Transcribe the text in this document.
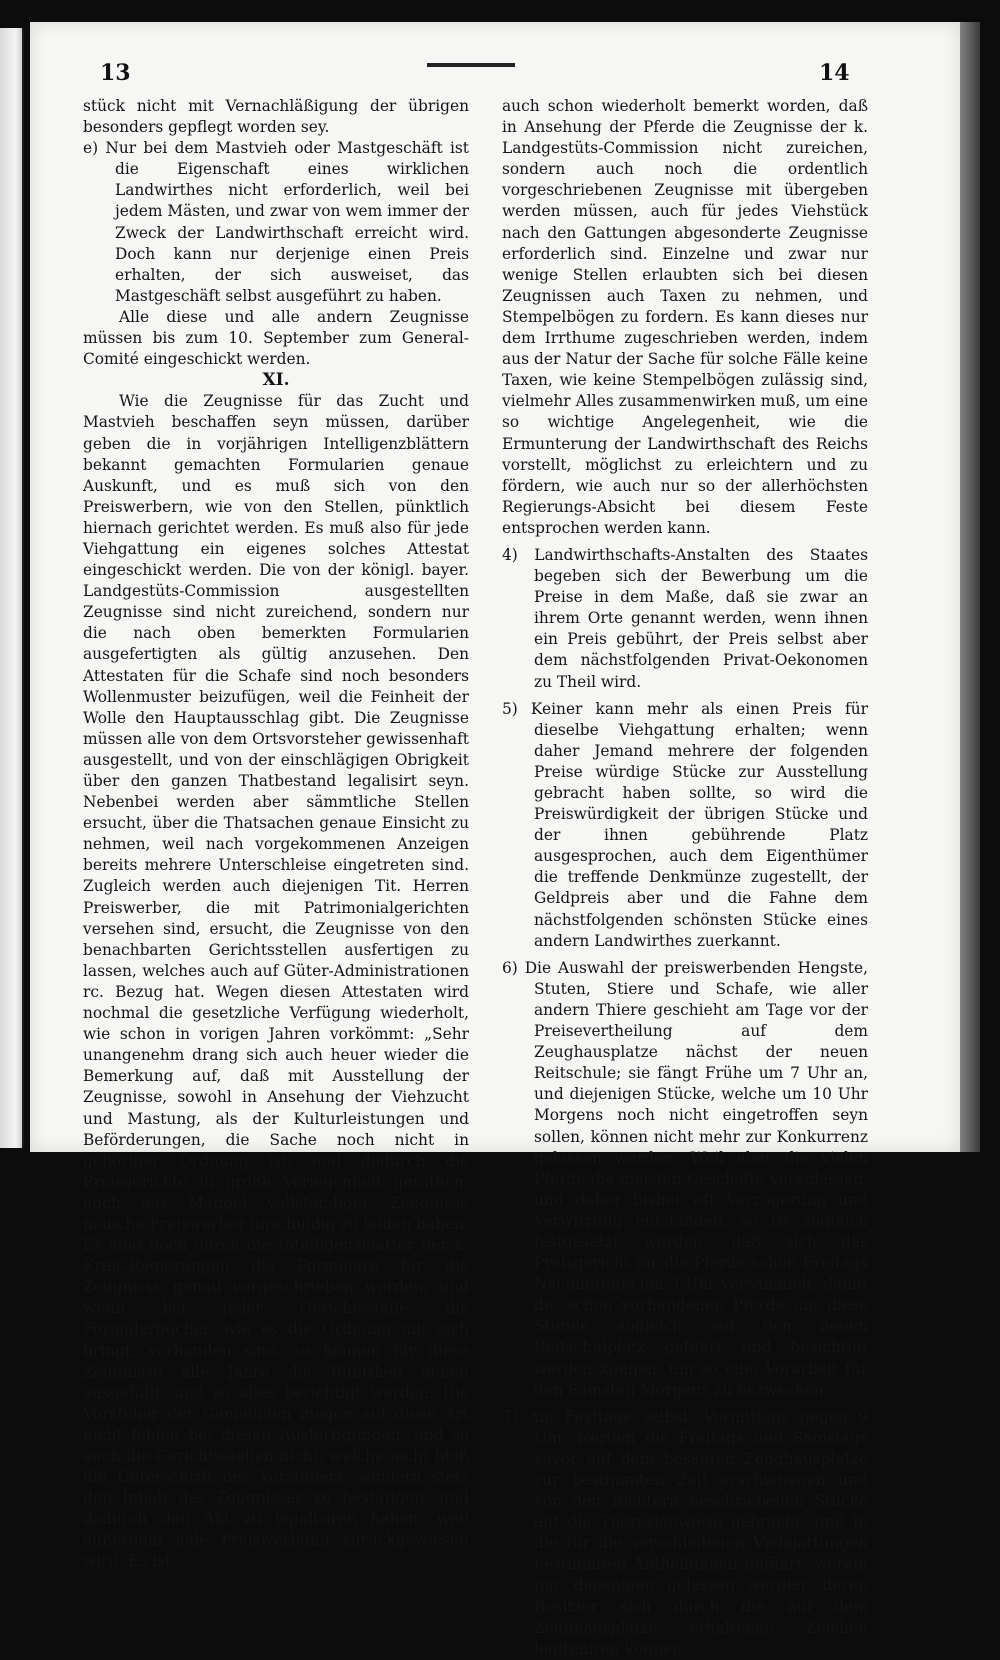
13	14

stück nicht mit Vernachläßigung der übrigen besonders gepflegt worden sey.

e) Nur bei dem Mastvieh oder Mastgeschäft ist die Eigenschaft eines wirklichen Landwirthes nicht erforderlich, weil bei jedem Mästen, und zwar von wem immer der Zweck der Landwirthschaft erreicht wird. Doch kann nur derjenige einen Preis erhalten, der sich ausweiset, das Mastgeschäft selbst ausgeführt zu haben.

Alle diese und alle andern Zeugnisse müssen bis zum 10. September zum General-Comité eingeschickt werden.

XI.

Wie die Zeugnisse für das Zucht und Mastvieh beschaffen seyn müssen, darüber geben die in vorjährigen Intelligenzblättern bekannt gemachten Formularien genaue Auskunft, und es muß sich von den Preiswerbern, wie von den Stellen, pünktlich hiernach gerichtet werden. Es muß also für jede Viehgattung ein eigenes solches Attestat eingeschickt werden. Die von der königl. bayer. Landgestüts-Commission ausgestellten Zeugnisse sind nicht zureichend, sondern nur die nach oben bemerkten Formularien ausgefertigten als gültig anzusehen. Den Attestaten für die Schafe sind noch besonders Wollenmuster beizufügen, weil die Feinheit der Wolle den Hauptausschlag gibt. Die Zeugnisse müssen alle von dem Ortsvorsteher gewissenhaft ausgestellt, und von der einschlägigen Obrigkeit über den ganzen Thatbestand legalisirt seyn. Nebenbei werden aber sämmtliche Stellen ersucht, über die Thatsachen genaue Einsicht zu nehmen, weil nach vorgekommenen Anzeigen bereits mehrere Unterschleise eingetreten sind. Zugleich werden auch diejenigen Tit. Herren Preiswerber, die mit Patrimonialgerichten versehen sind, ersucht, die Zeugnisse von den benachbarten Gerichtsstellen ausfertigen zu lassen, welches auch auf Güter-Administrationen rc. Bezug hat. Wegen diesen Attestaten wird nochmal die gesetzliche Verfügung wiederholt, wie schon in vorigen Jahren vorkömmt: „Sehr unangenehm drang sich auch heuer wieder die Bemerkung auf, daß mit Ausstellung der Zeugnisse, sowohl in Ansehung der Viehzucht und Mastung, als der Kulturleistungen und Beförderungen, die Sache noch nicht in gehöriger Ordnung ist, und dadurch die Preisgerichte in große Verlegenheit gerathen, auch aus Mangel vollständiger Zeugnisse manche Preiswerber unschuldig zu leiden haben. Es sind doch durch die Intelligenzblätter der k. Kreis-Regierungen die Formulare für die Zeugnisse genau vorgeschrieben worden, und wenn bei jeder Gerichtsstelle die Formularbücher, wie es die Ordnung mit sich bringt, vorhanden sind, so können für diese Zeugnisse alle Jahre die Rubriken genau ausgefüllt, und so alles berichtigt werden. Die Vorsteher der Gemeinden mögen auf diese Art nicht fehlen bei diesen Ausfertigungen, und so auch die Gerichtsstellen nicht, welche nicht bloß die Unterschrift des Vorstehers, sondern stets den Inhalt des Zeugnisses zu bestätigen, und dadurch den Akt zu legalisiren haben, weil außerdem jede Preiswerbung zurückgewiesen wird. Es ist

auch schon wiederholt bemerkt worden, daß in Ansehung der Pferde die Zeugnisse der k. Landgestüts-Commission nicht zureichen, sondern auch noch die ordentlich vorgeschriebenen Zeugnisse mit übergeben werden müssen, auch für jedes Viehstück nach den Gattungen abgesonderte Zeugnisse erforderlich sind. Einzelne und zwar nur wenige Stellen erlaubten sich bei diesen Zeugnissen auch Taxen zu nehmen, und Stempelbögen zu fordern. Es kann dieses nur dem Irrthume zugeschrieben werden, indem aus der Natur der Sache für solche Fälle keine Taxen, wie keine Stempelbögen zulässig sind, vielmehr Alles zusammenwirken muß, um eine so wichtige Angelegenheit, wie die Ermunterung der Landwirthschaft des Reichs vorstellt, möglichst zu erleichtern und zu fördern, wie auch nur so der allerhöchsten Regierungs-Absicht bei diesem Feste entsprochen werden kann.

4) Landwirthschafts-Anstalten des Staates begeben sich der Bewerbung um die Preise in dem Maße, daß sie zwar an ihrem Orte genannt werden, wenn ihnen ein Preis gebührt, der Preis selbst aber dem nächstfolgenden Privat-Oekonomen zu Theil wird.

5) Keiner kann mehr als einen Preis für dieselbe Viehgattung erhalten; wenn daher Jemand mehrere der folgenden Preise würdige Stücke zur Ausstellung gebracht haben sollte, so wird die Preiswürdigkeit der übrigen Stücke und der ihnen gebührende Platz ausgesprochen, auch dem Eigenthümer die treffende Denkmünze zugestellt, der Geldpreis aber und die Fahne dem nächstfolgenden schönsten Stücke eines andern Landwirthes zuerkannt.

6) Die Auswahl der preiswerbenden Hengste, Stuten, Stiere und Schafe, wie aller andern Thiere geschieht am Tage vor der Preisevertheilung auf dem Zeughausplatze nächst der neuen Reitschule; sie fängt Frühe um 7 Uhr an, und diejenigen Stücke, welche um 10 Uhr Morgens noch nicht eingetroffen seyn sollen, können nicht mehr zur Konkurrenz gelassen werden. Weil aber die vielen Pferde die meisten Geschäfte veranlassen, und daher bisher oft Verzögerung und Verwirrung entstanden, so ist zugleich festgesetzt worden, daß sich das Preisgericht für die Pferde schon Freitags Nachmittags um 3 Uhr versammelt, damit die schon vorhandenen Pferde um diese Stunde sogleich auf den neuen Reitschulplatz geführt und besichtigt werden können, um so eine Vorarbeit für den Samstag Morgens zu bezwecken.

7) Am Festtage selbst, Vormittags gegen 9 Uhr, werden die Freitags und Samstags zuvor auf dem besagten Zeughausplatze zur bestimmten Zeit erschienenen und von den Richtern beschriebenen Stücke auf die Theresienwiese gebracht, und in die für die verschiedenen Viehgattungen bestimmten Abtheilungen geführt, worein nur diejenigen gelassen werden, deren Besitzer sich durch die auf dem Zeughausplatze erhaltenen Zeichen legitimiren können.
